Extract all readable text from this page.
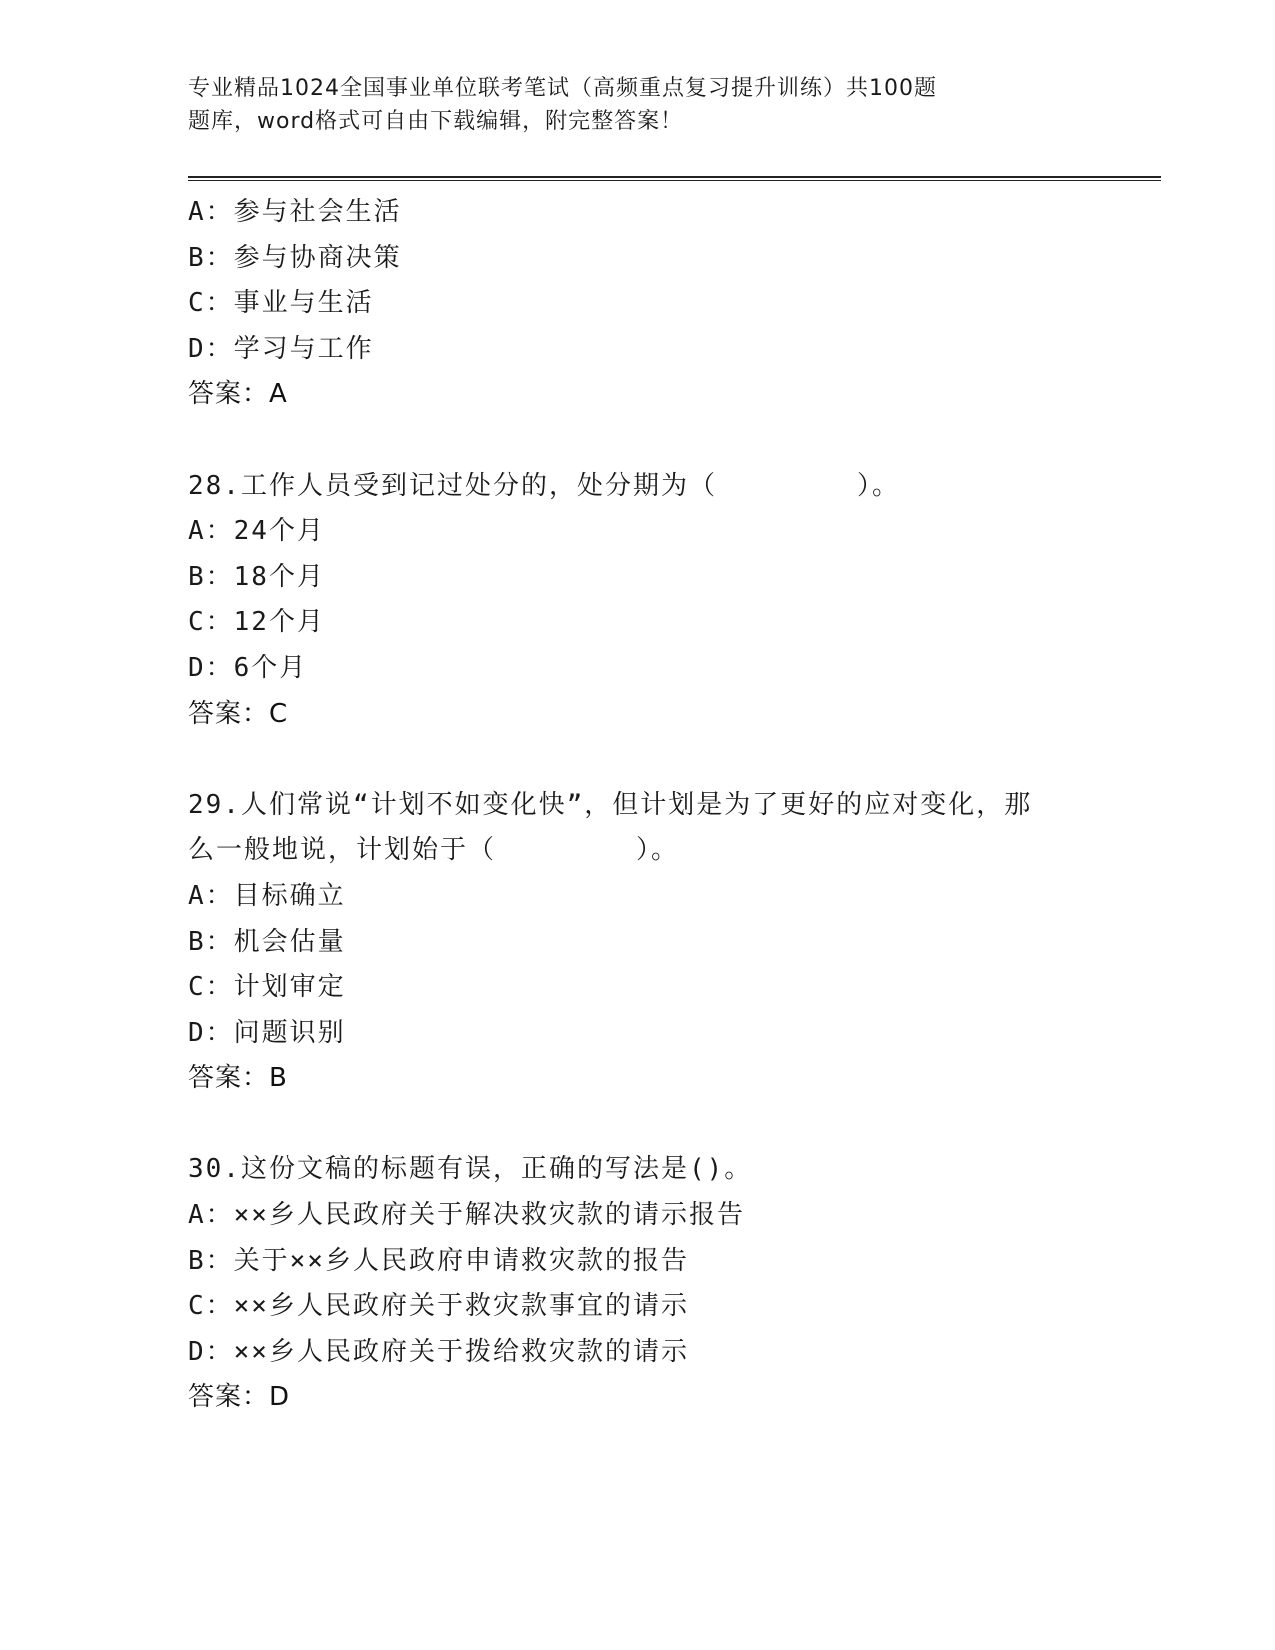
专业精品1024全国事业单位联考笔试（高频重点复习提升训练）共100题
题库，word格式可自由下载编辑，附完整答案！
A：参与社会生活
B：参与协商决策
C：事业与生活
D：学习与工作
答案：A
28.工作人员受到记过处分的，处分期为（　　　　　）。
A：24个月
B：18个月
C：12个月
D：6个月
答案：C
29.人们常说“计划不如变化快”，但计划是为了更好的应对变化，那
么一般地说，计划始于（　　　　　）。
A：目标确立
B：机会估量
C：计划审定
D：问题识别
答案：B
30.这份文稿的标题有误，正确的写法是()。
A：××乡人民政府关于解决救灾款的请示报告
B：关于××乡人民政府申请救灾款的报告
C：××乡人民政府关于救灾款事宜的请示
D：××乡人民政府关于拨给救灾款的请示
答案：D
